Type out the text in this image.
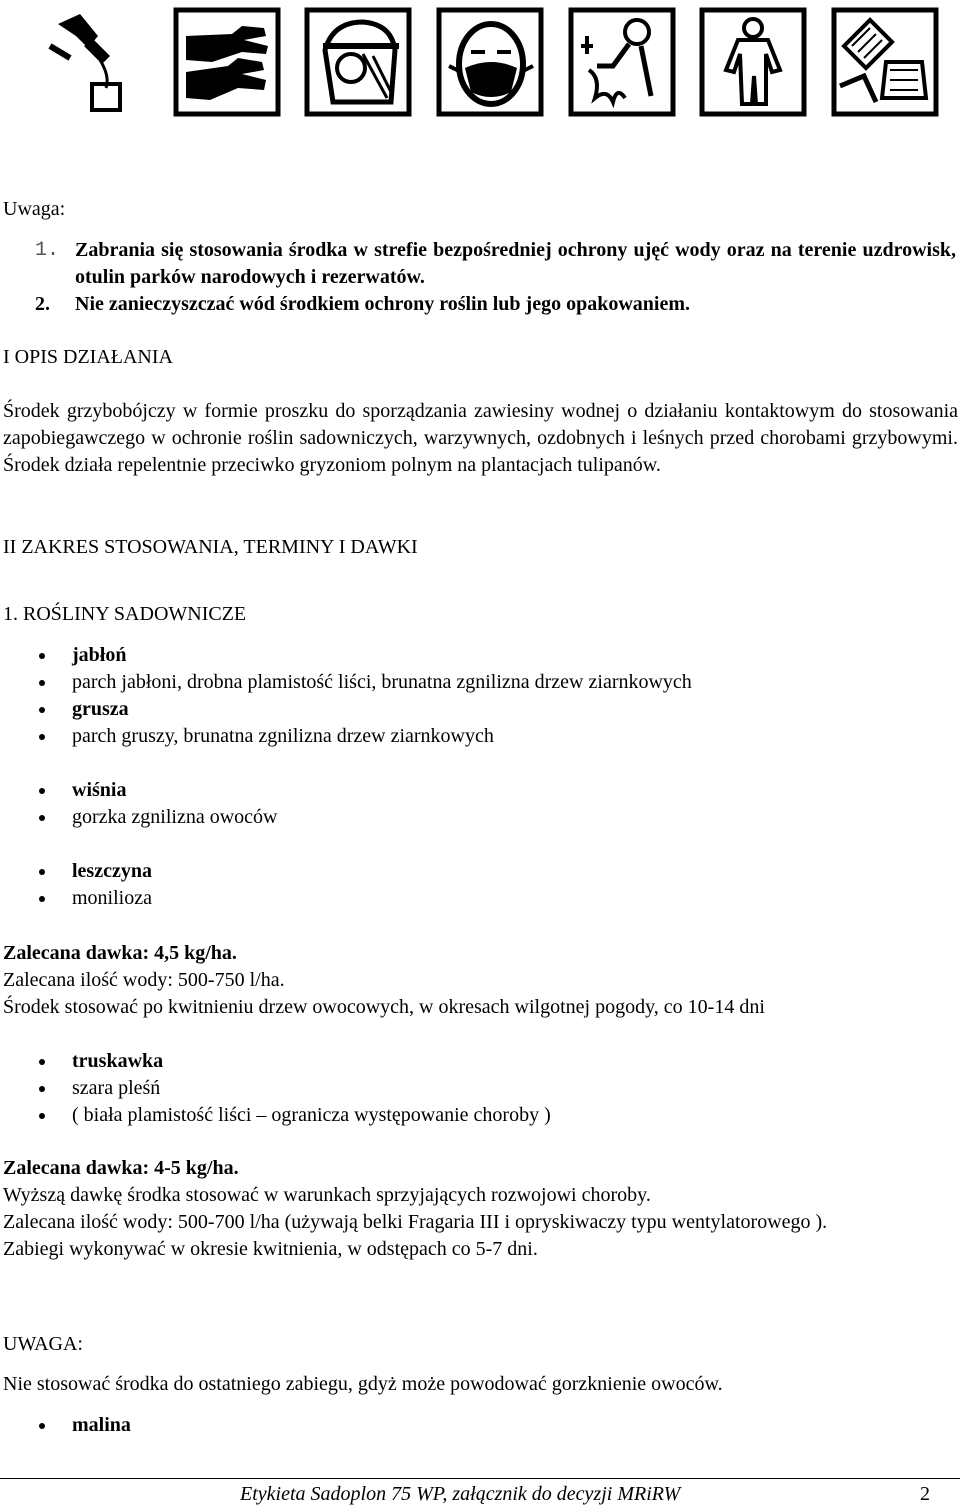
Uwaga:
1. Zabrania się stosowania środka w strefie bezpośredniej ochrony ujęć wody oraz na terenie uzdrowisk, otulin parków narodowych i rezerwatów.
2.	Nie zanieczyszczać wód środkiem ochrony roślin lub jego opakowaniem.
I OPIS DZIAŁANIA
Środek grzybobójczy w formie proszku do sporządzania zawiesiny wodnej o działaniu kontaktowym do stosowania zapobiegawczego w ochronie roślin sadowniczych, warzywnych, ozdobnych i leśnych przed chorobami grzybowymi. Środek działa repelentnie przeciwko gryzoniom polnym na plantacjach tulipanów.
II ZAKRES STOSOWANIA, TERMINY I DAWKI
1. ROŚLINY SADOWNICZE
jabłoń
parch jabłoni, drobna plamistość liści, brunatna zgnilizna drzew ziarnkowych
grusza
parch gruszy, brunatna zgnilizna drzew ziarnkowych
wiśnia
gorzka zgnilizna owoców
leszczyna
monilioza
Zalecana dawka: 4,5 kg/ha.
Zalecana ilość wody: 500-750 l/ha.
Środek stosować po kwitnieniu drzew owocowych, w okresach wilgotnej pogody, co 10-14 dni
truskawka
szara pleśń
( biała plamistość liści – ogranicza występowanie choroby )
Zalecana dawka: 4-5 kg/ha.
Wyższą dawkę środka stosować w warunkach sprzyjających rozwojowi choroby.
Zalecana ilość wody: 500-700 l/ha (używają belki Fragaria III i opryskiwaczy typu wentylatorowego ).
Zabiegi wykonywać w okresie kwitnienia, w odstępach co 5-7 dni.
UWAGA:
Nie stosować środka do ostatniego zabiegu, gdyż może powodować gorzknienie owoców.
malina
Etykieta Sadoplon 75 WP, załącznik do decyzji MRiRW	2
